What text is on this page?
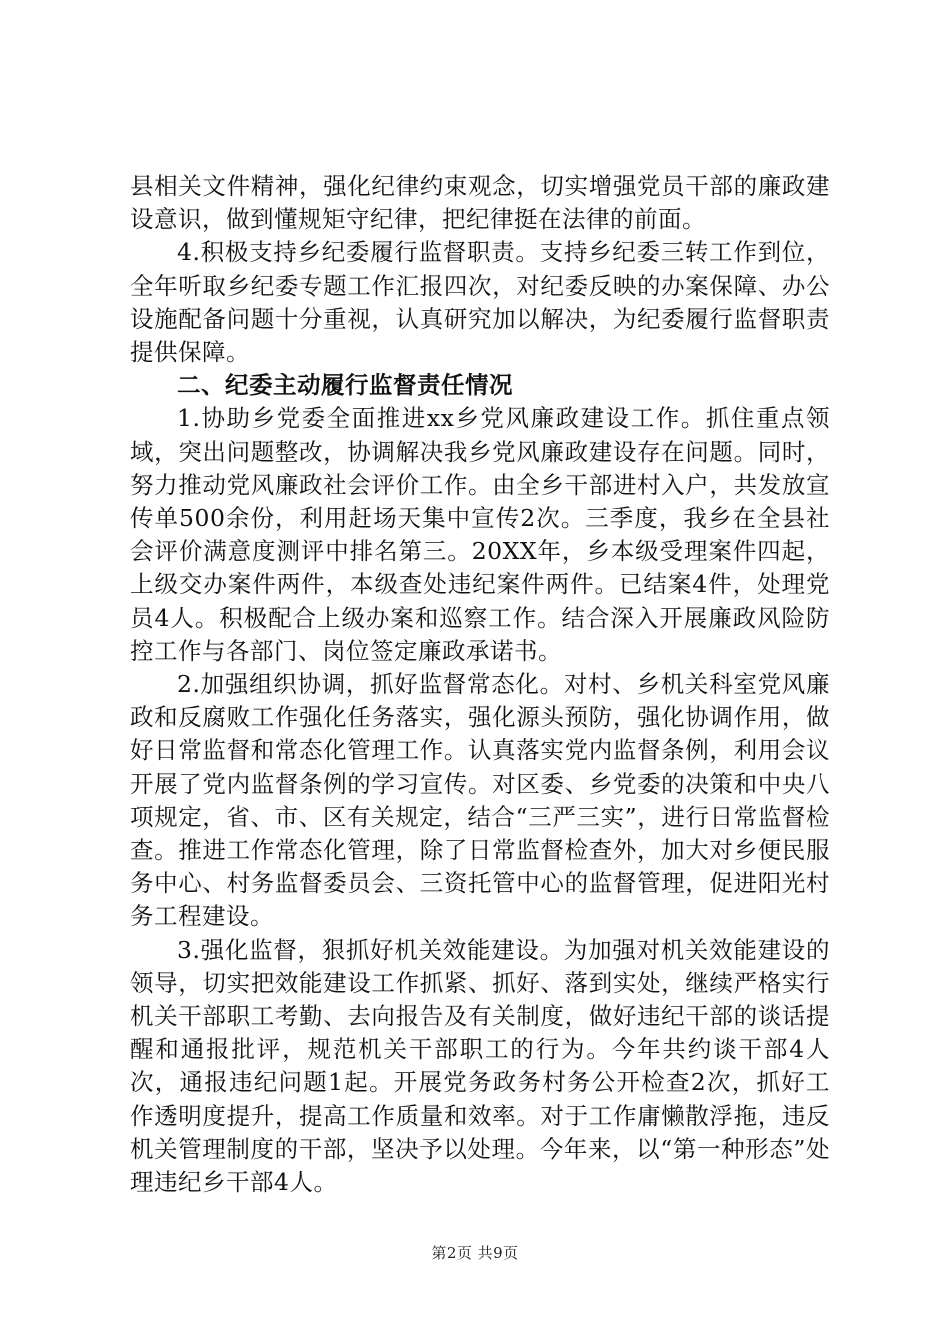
县相关文件精神，强化纪律约束观念，切实增强党员干部的廉政建设意识，做到懂规矩守纪律，把纪律挺在法律的前面。

4.积极支持乡纪委履行监督职责。支持乡纪委三转工作到位，全年听取乡纪委专题工作汇报四次，对纪委反映的办案保障、办公设施配备问题十分重视，认真研究加以解决，为纪委履行监督职责提供保障。

二、纪委主动履行监督责任情况

1.协助乡党委全面推进xx乡党风廉政建设工作。抓住重点领域，突出问题整改，协调解决我乡党风廉政建设存在问题。同时，努力推动党风廉政社会评价工作。由全乡干部进村入户，共发放宣传单500余份，利用赶场天集中宣传2次。三季度，我乡在全县社会评价满意度测评中排名第三。20XX年，乡本级受理案件四起，上级交办案件两件，本级查处违纪案件两件。已结案4件，处理党员4人。积极配合上级办案和巡察工作。结合深入开展廉政风险防控工作与各部门、岗位签定廉政承诺书。

2.加强组织协调，抓好监督常态化。对村、乡机关科室党风廉政和反腐败工作强化任务落实，强化源头预防，强化协调作用，做好日常监督和常态化管理工作。认真落实党内监督条例，利用会议开展了党内监督条例的学习宣传。对区委、乡党委的决策和中央八项规定，省、市、区有关规定，结合“三严三实”，进行日常监督检查。推进工作常态化管理，除了日常监督检查外，加大对乡便民服务中心、村务监督委员会、三资托管中心的监督管理，促进阳光村务工程建设。

3.强化监督，狠抓好机关效能建设。为加强对机关效能建设的领导，切实把效能建设工作抓紧、抓好、落到实处，继续严格实行机关干部职工考勤、去向报告及有关制度，做好违纪干部的谈话提醒和通报批评，规范机关干部职工的行为。今年共约谈干部4人次，通报违纪问题1起。开展党务政务村务公开检查2次，抓好工作透明度提升，提高工作质量和效率。对于工作庸懒散浮拖，违反机关管理制度的干部，坚决予以处理。今年来，以“第一种形态”处理违纪乡干部4人。

第2页 共9页
